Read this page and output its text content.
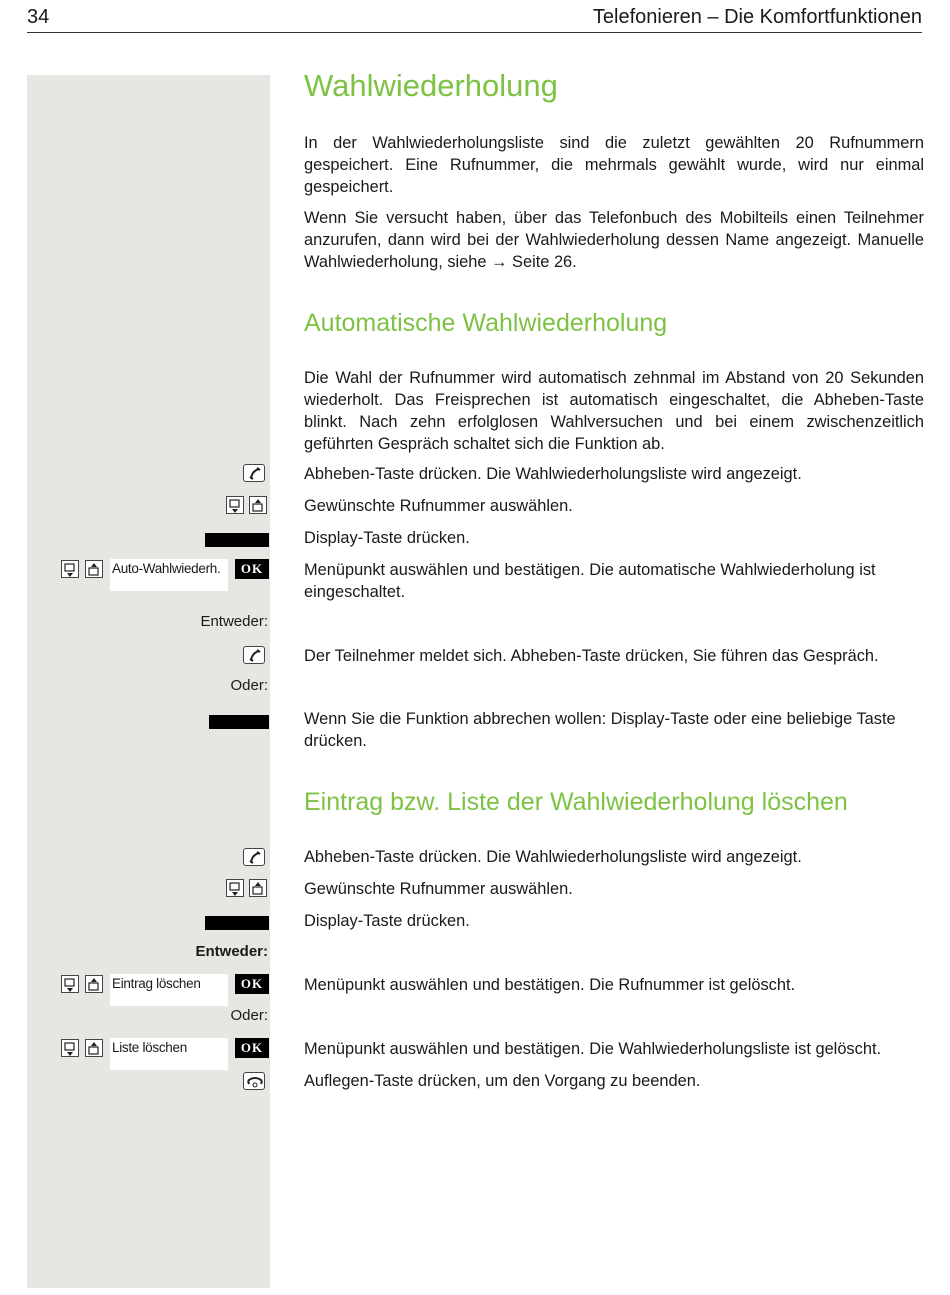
34	Telefonieren – Die Komfortfunktionen
Wahlwiederholung

In der Wahlwiederholungsliste sind die zuletzt gewählten 20 Rufnummern gespeichert. Eine Rufnummer, die mehrmals gewählt wurde, wird nur einmal gespeichert.

Wenn Sie versucht haben, über das Telefonbuch des Mobilteils einen Teilnehmer anzurufen, dann wird bei der Wahlwiederholung dessen Name angezeigt. Manuelle Wahlwiederholung, siehe → Seite 26.

Automatische Wahlwiederholung

Die Wahl der Rufnummer wird automatisch zehnmal im Abstand von 20 Sekunden wiederholt. Das Freisprechen ist automatisch eingeschaltet, die Abheben-Taste blinkt. Nach zehn erfolglosen Wahlversuchen und bei einem zwischenzeitlich geführten Gespräch schaltet sich die Funktion ab.

Abheben-Taste drücken. Die Wahlwiederholungsliste wird angezeigt.

Gewünschte Rufnummer auswählen.

Display-Taste drücken.

Auto-Wahlwiederh.	OK	Menüpunkt auswählen und bestätigen. Die automatische Wahlwiederholung ist eingeschaltet.

Entweder:

Der Teilnehmer meldet sich. Abheben-Taste drücken, Sie führen das Gespräch.

Oder:

Wenn Sie die Funktion abbrechen wollen: Display-Taste oder eine beliebige Taste drücken.

Eintrag bzw. Liste der Wahlwiederholung löschen

Abheben-Taste drücken. Die Wahlwiederholungsliste wird angezeigt.

Gewünschte Rufnummer auswählen.

Display-Taste drücken.

Entweder:
Eintrag löschen	OK	Menüpunkt auswählen und bestätigen. Die Rufnummer ist gelöscht.

Oder:
Liste löschen	OK	Menüpunkt auswählen und bestätigen. Die Wahlwiederholungsliste ist gelöscht.

Auflegen-Taste drücken, um den Vorgang zu beenden.
